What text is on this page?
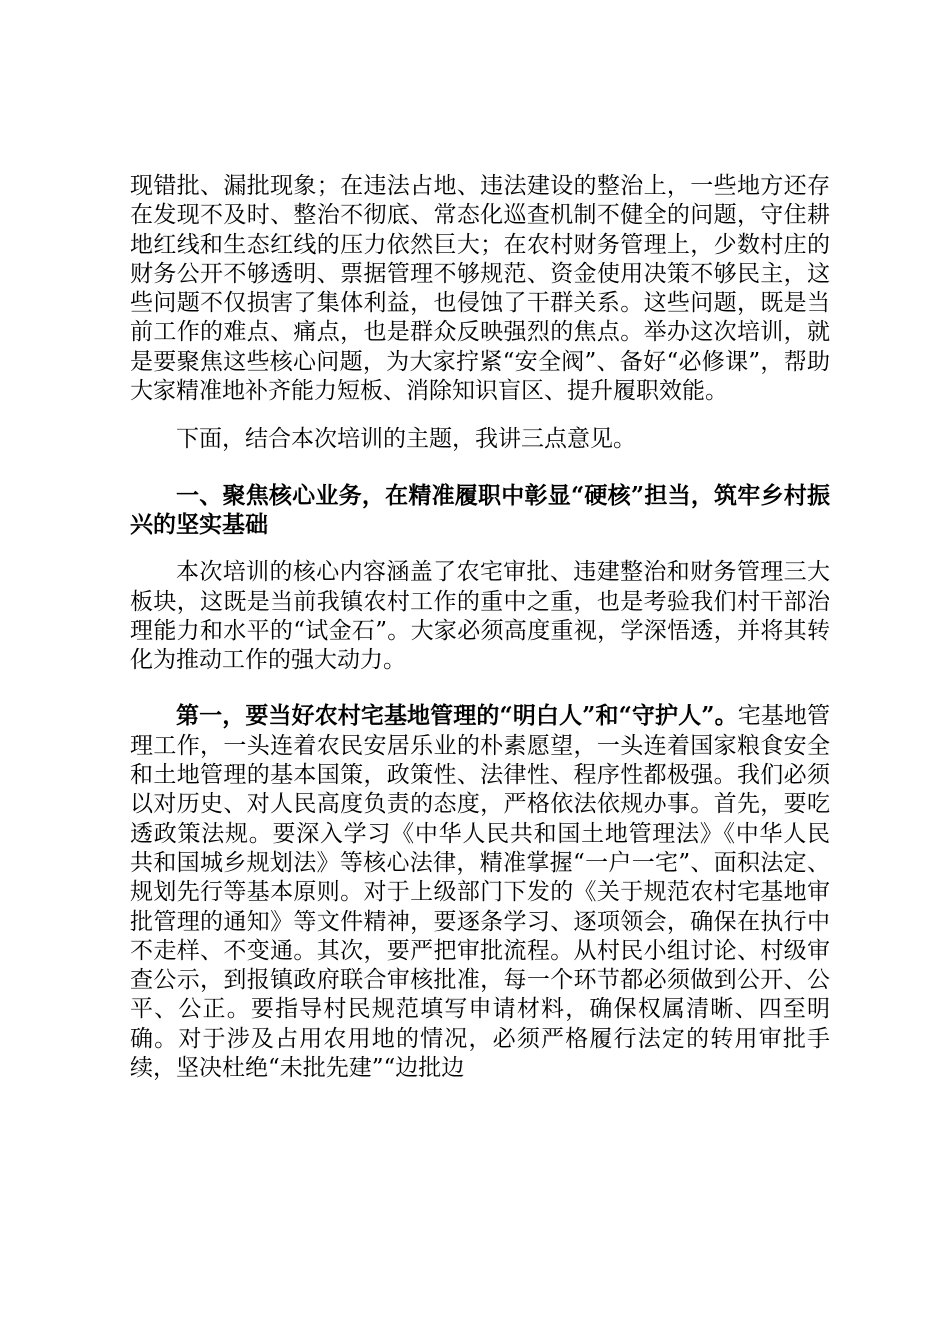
现错批、漏批现象；在违法占地、违法建设的整治上，一些地方还存在发现不及时、整治不彻底、常态化巡查机制不健全的问题，守住耕地红线和生态红线的压力依然巨大；在农村财务管理上，少数村庄的财务公开不够透明、票据管理不够规范、资金使用决策不够民主，这些问题不仅损害了集体利益，也侵蚀了干群关系。这些问题，既是当前工作的难点、痛点，也是群众反映强烈的焦点。举办这次培训，就是要聚焦这些核心问题，为大家拧紧“安全阀”、备好“必修课”，帮助大家精准地补齐能力短板、消除知识盲区、提升履职效能。

下面，结合本次培训的主题，我讲三点意见。

一、聚焦核心业务，在精准履职中彰显“硬核”担当，筑牢乡村振兴的坚实基础

本次培训的核心内容涵盖了农宅审批、违建整治和财务管理三大板块，这既是当前我镇农村工作的重中之重，也是考验我们村干部治理能力和水平的“试金石”。大家必须高度重视，学深悟透，并将其转化为推动工作的强大动力。

第一，要当好农村宅基地管理的“明白人”和“守护人”。宅基地管理工作，一头连着农民安居乐业的朴素愿望，一头连着国家粮食安全和土地管理的基本国策，政策性、法律性、程序性都极强。我们必须以对历史、对人民高度负责的态度，严格依法依规办事。首先，要吃透政策法规。要深入学习《中华人民共和国土地管理法》《中华人民共和国城乡规划法》等核心法律，精准掌握“一户一宅”、面积法定、规划先行等基本原则。对于上级部门下发的《关于规范农村宅基地审批管理的通知》等文件精神，要逐条学习、逐项领会，确保在执行中不走样、不变通。其次，要严把审批流程。从村民小组讨论、村级审查公示，到报镇政府联合审核批准，每一个环节都必须做到公开、公平、公正。要指导村民规范填写申请材料，确保权属清晰、四至明确。对于涉及占用农用地的情况，必须严格履行法定的转用审批手续，坚决杜绝“未批先建”“边批边
